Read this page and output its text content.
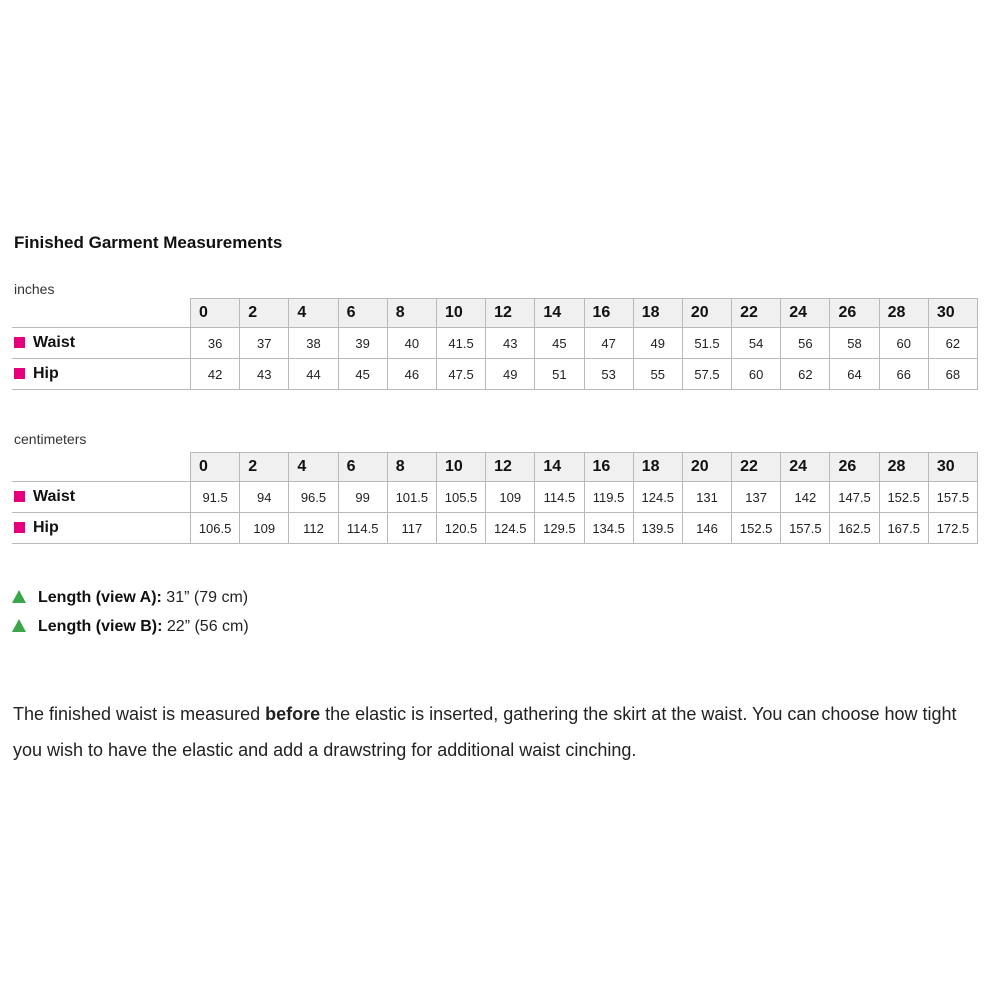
Finished Garment Measurements
inches
	0	2	4	6	8	10	12	14	16	18	20	22	24	26	28	30
Waist	36	37	38	39	40	41.5	43	45	47	49	51.5	54	56	58	60	62
Hip	42	43	44	45	46	47.5	49	51	53	55	57.5	60	62	64	66	68
centimeters
	0	2	4	6	8	10	12	14	16	18	20	22	24	26	28	30
Waist	91.5	94	96.5	99	101.5	105.5	109	114.5	119.5	124.5	131	137	142	147.5	152.5	157.5
Hip	106.5	109	112	114.5	117	120.5	124.5	129.5	134.5	139.5	146	152.5	157.5	162.5	167.5	172.5
Length (view A): 31” (79 cm)
Length (view B): 22” (56 cm)
The finished waist is measured before the elastic is inserted, gathering the skirt at the waist. You can choose how tight you wish to have the elastic and add a drawstring for additional waist cinching.
